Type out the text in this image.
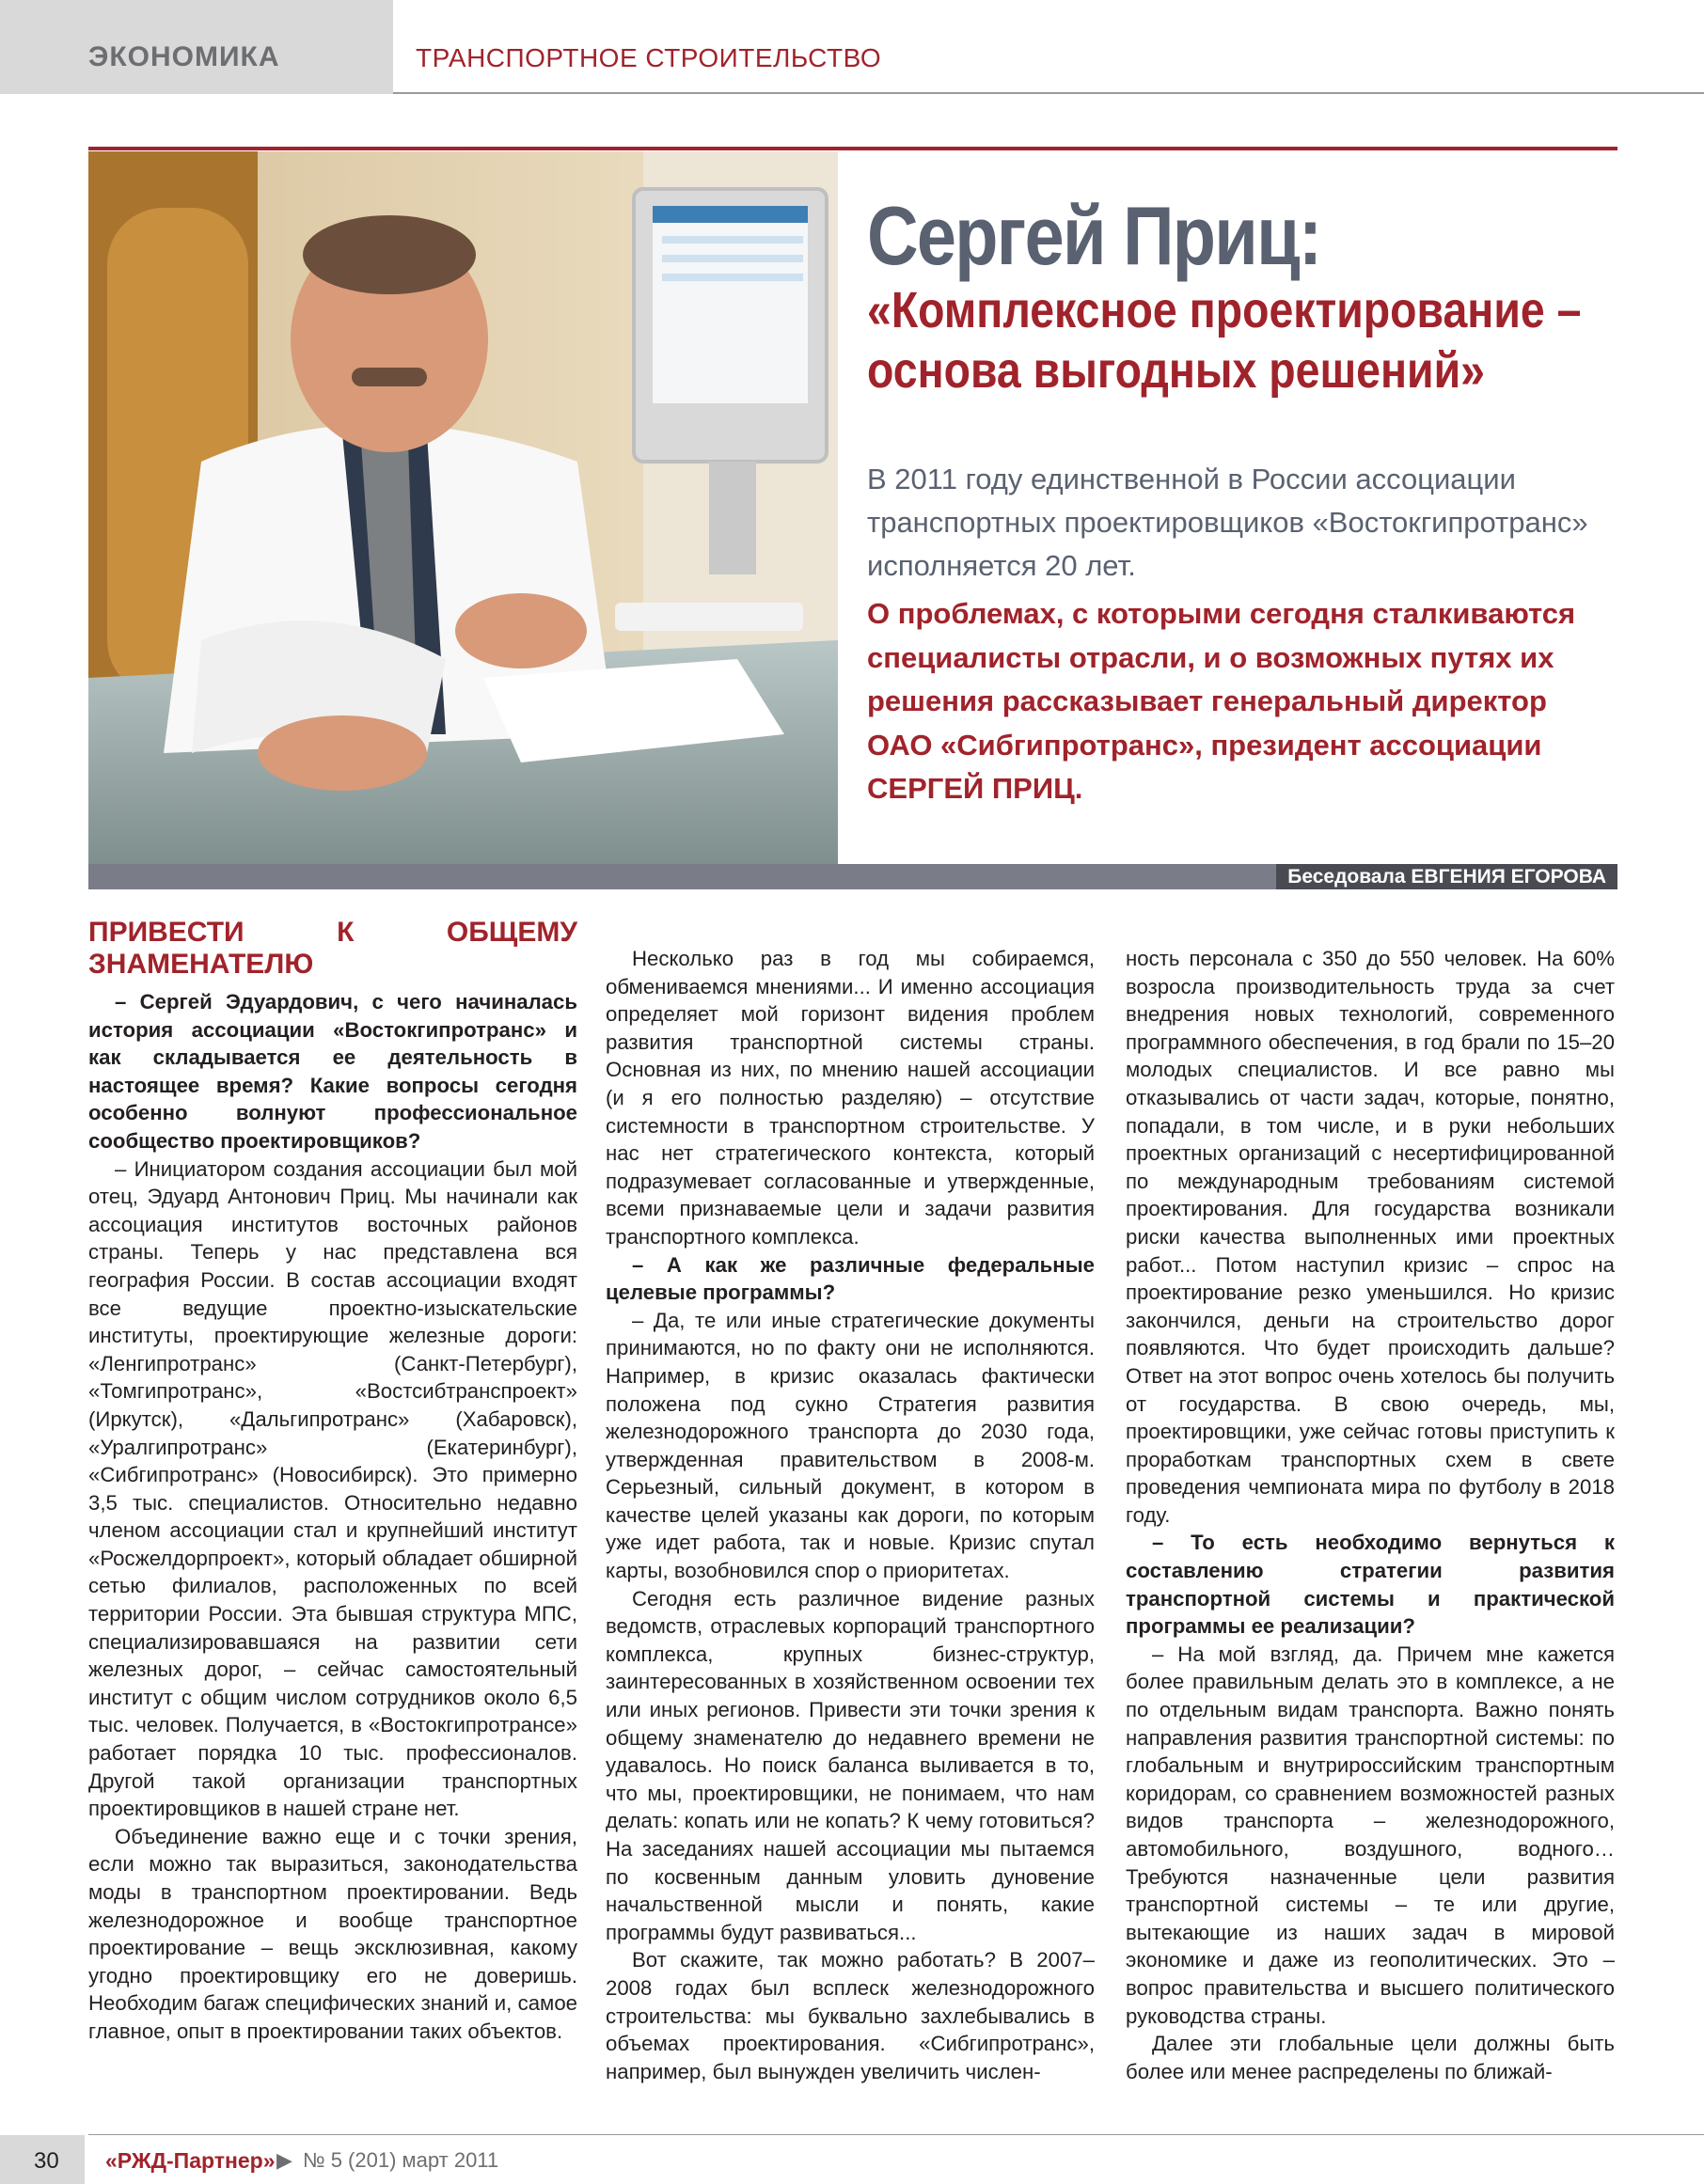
ЭКОНОМИКА	ТРАНСПОРТНОЕ СТРОИТЕЛЬСТВО
Беседовала ЕВГЕНИЯ ЕГОРОВА
Сергей Приц:
«Комплексное проектирование – основа выгодных решений»
В 2011 году единственной в России ассоциации транспортных проектировщиков «Востокгипротранс» исполняется 20 лет.
О проблемах, с которыми сегодня сталкиваются специалисты отрасли, и о возможных путях их решения рассказывает генеральный директор ОАО «Сибгипротранс», президент ассоциации СЕРГЕЙ ПРИЦ.
ПРИВЕСТИ К ОБЩЕМУ ЗНАМЕНАТЕЛЮ

– Сергей Эдуардович, с чего начиналась история ассоциации «Востокгипротранс» и как складывается ее деятельность в настоящее время? Какие вопросы сегодня особенно волнуют профессиональное сообщество проектировщиков?

– Инициатором создания ассоциации был мой отец, Эдуард Антонович Приц. Мы начинали как ассоциация институтов восточных районов страны. Теперь у нас представлена вся география России. В состав ассоциации входят все ведущие проектно-изыскательские институты, проектирующие железные дороги: «Ленгипротранс» (Санкт-Петербург), «Томгипротранс», «Востсибтранспроект» (Иркутск), «Дальгипротранс» (Хабаровск), «Уралгипротранс» (Екатеринбург), «Сибгипротранс» (Новосибирск). Это примерно 3,5 тыс. специалистов. Относительно недавно членом ассоциации стал и крупнейший институт «Росжелдорпроект», который обладает обширной сетью филиалов, расположенных по всей территории России. Эта бывшая структура МПС, специализировавшаяся на развитии сети железных дорог, – сейчас самостоятельный институт с общим числом сотрудников около 6,5 тыс. человек. Получается, в «Востокгипротрансе» работает порядка 10 тыс. профессионалов. Другой такой организации транспортных проектировщиков в нашей стране нет.

Объединение важно еще и с точки зрения, если можно так выразиться, законодательства моды в транспортном проектировании. Ведь железнодорожное и вообще транспортное проектирование – вещь эксклюзивная, какому угодно проектировщику его не доверишь. Необходим багаж специфических знаний и, самое главное, опыт в проектировании таких объектов.

Несколько раз в год мы собираемся, обмениваемся мнениями... И именно ассоциация определяет мой горизонт видения проблем развития транспортной системы страны. Основная из них, по мнению нашей ассоциации (и я его полностью разделяю) – отсутствие системности в транспортном строительстве. У нас нет стратегического контекста, который подразумевает согласованные и утвержденные, всеми признаваемые цели и задачи развития транспортного комплекса.

– А как же различные федеральные целевые программы?

– Да, те или иные стратегические документы принимаются, но по факту они не исполняются. Например, в кризис оказалась фактически положена под сукно Стратегия развития железнодорожного транспорта до 2030 года, утвержденная правительством в 2008-м. Серьезный, сильный документ, в котором в качестве целей указаны как дороги, по которым уже идет работа, так и новые. Кризис спутал карты, возобновился спор о приоритетах.

Сегодня есть различное видение разных ведомств, отраслевых корпораций транспортного комплекса, крупных бизнес-структур, заинтересованных в хозяйственном освоении тех или иных регионов. Привести эти точки зрения к общему знаменателю до недавнего времени не удавалось. Но поиск баланса выливается в то, что мы, проектировщики, не понимаем, что нам делать: копать или не копать? К чему готовиться? На заседаниях нашей ассоциации мы пытаемся по косвенным данным уловить дуновение начальственной мысли и понять, какие программы будут развиваться...

Вот скажите, так можно работать? В 2007–2008 годах был всплеск железнодорожного строительства: мы буквально захлебывались в объемах проектирования. «Сибгипротранс», например, был вынужден увеличить числен-

ность персонала с 350 до 550 человек. На 60% возросла производительность труда за счет внедрения новых технологий, современного программного обеспечения, в год брали по 15–20 молодых специалистов. И все равно мы отказывались от части задач, которые, понятно, попадали, в том числе, и в руки небольших проектных организаций с несертифицированной по международным требованиям системой проектирования. Для государства возникали риски качества выполненных ими проектных работ... Потом наступил кризис – спрос на проектирование резко уменьшился. Но кризис закончился, деньги на строительство дорог появляются. Что будет происходить дальше? Ответ на этот вопрос очень хотелось бы получить от государства. В свою очередь, мы, проектировщики, уже сейчас готовы приступить к проработкам транспортных схем в свете проведения чемпионата мира по футболу в 2018 году.

– То есть необходимо вернуться к составлению стратегии развития транспортной системы и практической программы ее реализации?

– На мой взгляд, да. Причем мне кажется более правильным делать это в комплексе, а не по отдельным видам транспорта. Важно понять направления развития транспортной системы: по глобальным и внутрироссийским транспортным коридорам, со сравнением возможностей разных видов транспорта – железнодорожного, автомобильного, воздушного, водного… Требуются назначенные цели развития транспортной системы – те или другие, вытекающие из наших задач в мировой экономике и даже из геополитических. Это – вопрос правительства и высшего политического руководства страны.

Далее эти глобальные цели должны быть более или менее распределены по ближай-

30 «РЖД-Партнер» ▶ № 5 (201) март 2011
